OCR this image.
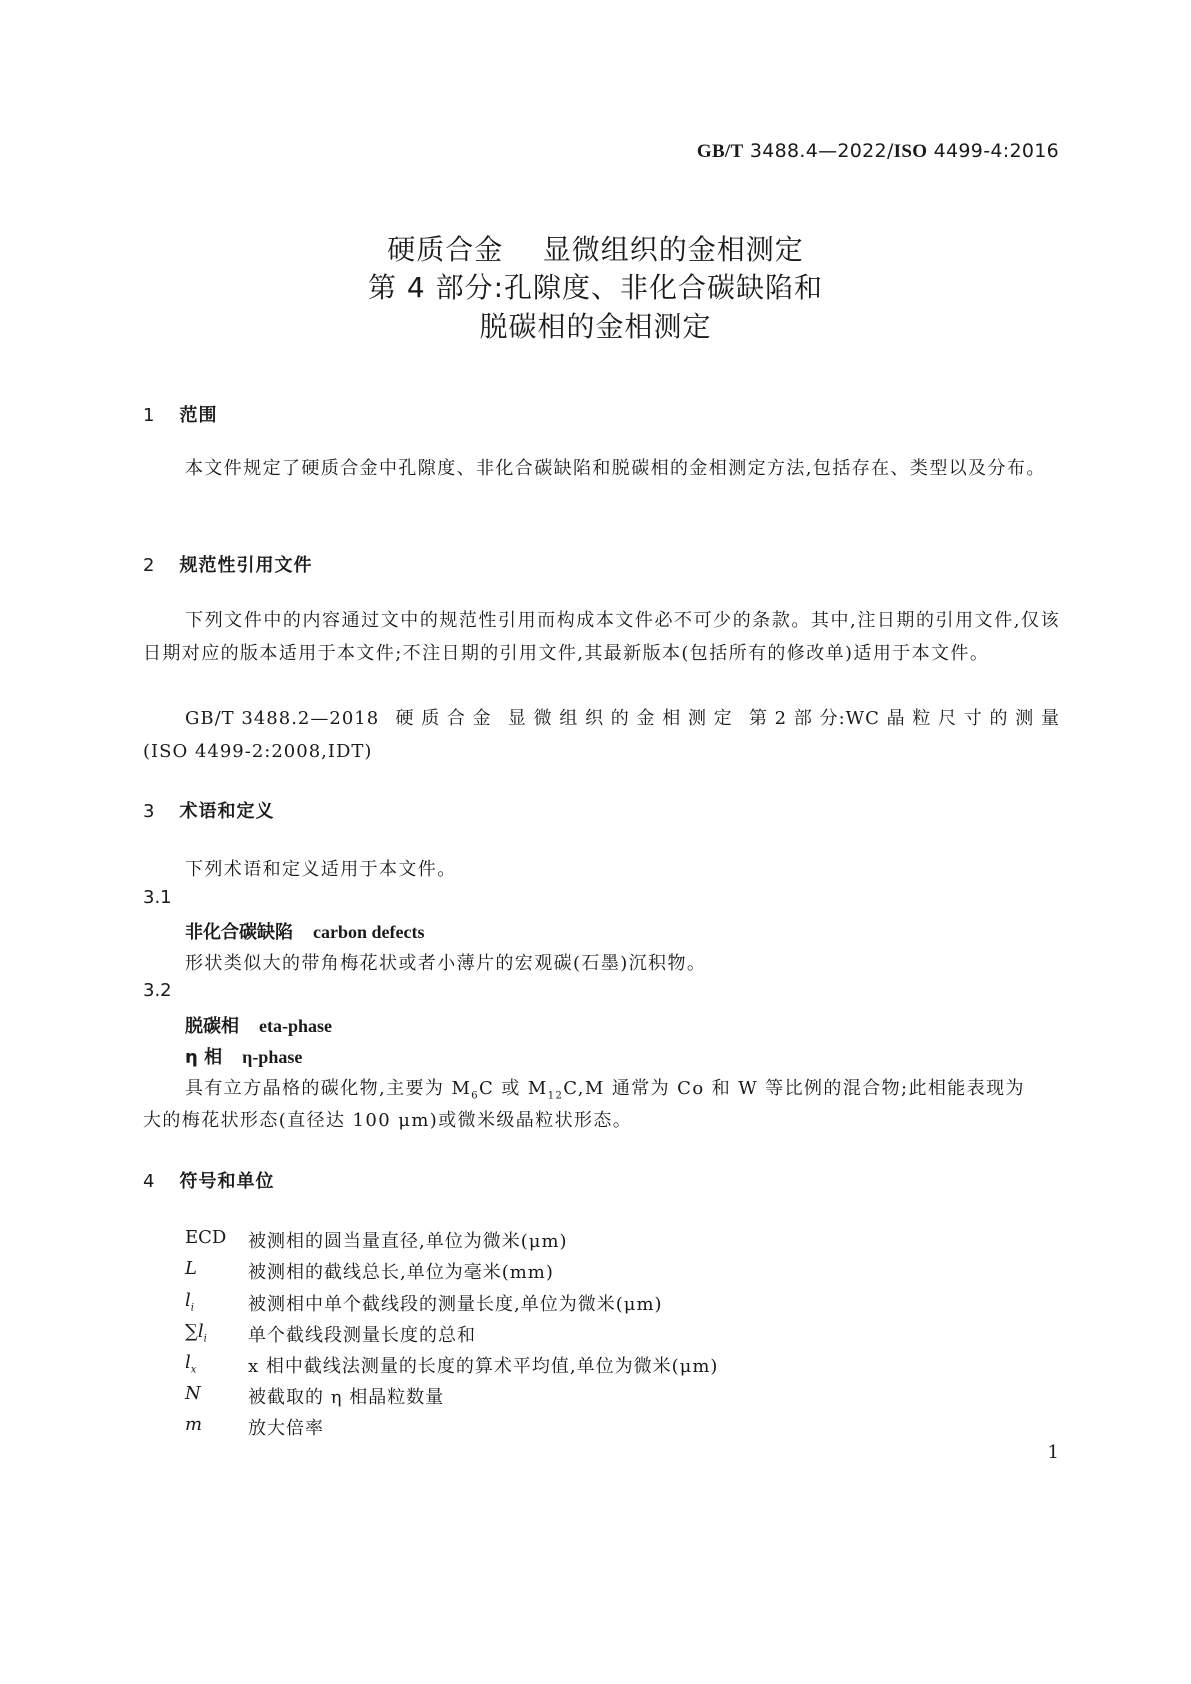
GB/T 3488.4—2022/ISO 4499-4:2016
硬质合金    显微组织的金相测定
第 4 部分:孔隙度、非化合碳缺陷和
脱碳相的金相测定
1 范围
本文件规定了硬质合金中孔隙度、非化合碳缺陷和脱碳相的金相测定方法,包括存在、类型以及分布。
2 规范性引用文件
下列文件中的内容通过文中的规范性引用而构成本文件必不可少的条款。其中,注日期的引用文件,仅该日期对应的版本适用于本文件;不注日期的引用文件,其最新版本(包括所有的修改单)适用于本文件。
GB/T 3488.2—2018 硬 质 合 金 显 微 组 织 的 金 相 测 定 第 2 部 分:WC 晶 粒 尺 寸 的 测 量
(ISO 4499-2:2008,IDT)
3 术语和定义
下列术语和定义适用于本文件。
3.1
非化合碳缺陷 carbon defects
形状类似大的带角梅花状或者小薄片的宏观碳(石墨)沉积物。
3.2
脱碳相 eta-phase
η 相 η-phase
具有立方晶格的碳化物,主要为 $M_6C$ 或 $M_{12}C,M$ 通常为 Co 和 W 等比例的混合物;此相能表现为
大的梅花状形态(直径达 100 μm)或微米级晶粒状形态。
4 符号和单位
ECD	被测相的圆当量直径,单位为微米(μm)
L	被测相的截线总长,单位为毫米(mm)
$l_i$	被测相中单个截线段的测量长度,单位为微米(μm)
$\sum l_i$	单个截线段测量长度的总和
$l_x$	x 相中截线法测量的长度的算术平均值,单位为微米(μm)
N	被截取的 η 相晶粒数量
m	放大倍率
1
